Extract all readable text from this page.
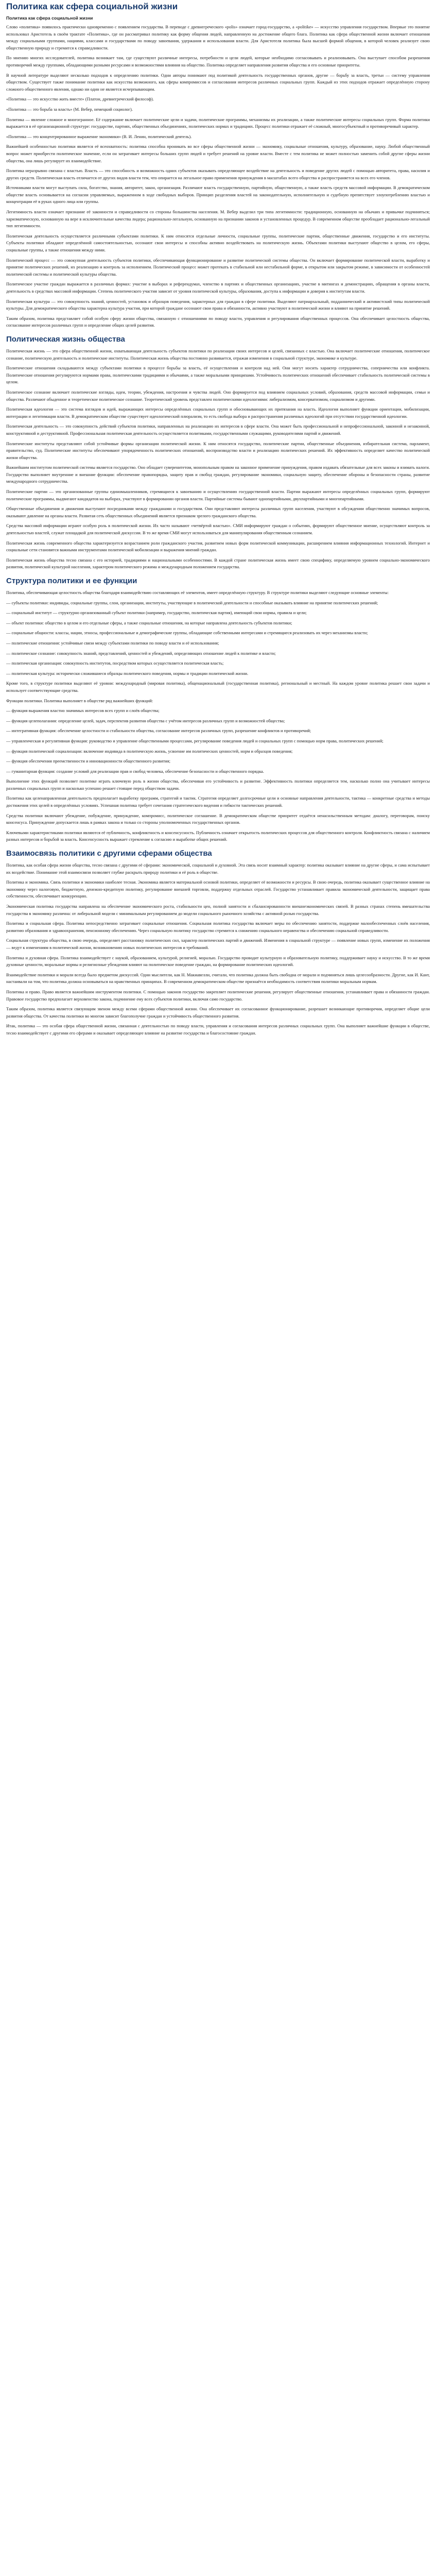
Политика как сфера социальной жизни
Политика как сфера социальной жизни

Слово «политика» появилось практически одновременно с появлением государства. В переводе с древнегреческого «polis» означает город-государство, а «politike» — искусство управления государством. Впервые это понятие использовал Аристотель в своём трактате «Политика», где он рассматривал политику как форму общения людей, направленную на достижение общего блага. Политика как сфера общественной жизни включает отношения между социальными группами, нациями, классами и государствами по поводу завоевания, удержания и использования власти. Для Аристотеля политика была высшей формой общения, в которой человек реализует свою общественную природу и стремится к справедливости.

По мнению многих исследователей, политика возникает там, где существуют различные интересы, потребности и цели людей, которые необходимо согласовывать и реализовывать. Она выступает способом разрешения противоречий между группами, обладающими разными ресурсами и возможностями влияния на общество. Политика определяет направления развития общества и его основные приоритеты.

В научной литературе выделяют несколько подходов к определению политики. Одни авторы понимают под политикой деятельность государственных органов, другие — борьбу за власть, третьи — систему управления обществом. Существует также понимание политики как искусства возможного, как сферы компромиссов и согласования интересов различных социальных групп. Каждый из этих подходов отражает определённую сторону сложного общественного явления, однако ни один не является исчерпывающим.

«Политика — это искусство жить вместе» (Платон, древнегреческий философ).

«Политика — это борьба за власть» (М. Вебер, немецкий социолог).

Политика — явление сложное и многогранное. Её содержание включает политические цели и задачи, политические программы, механизмы их реализации, а также политические интересы социальных групп. Форма политики выражается в её организационной структуре: государстве, партиях, общественных объединениях, политических нормах и традициях. Процесс политики отражает её сложный, многосубъектный и противоречивый характер.

«Политика — это концентрированное выражение экономики» (В. И. Ленин, политический деятель).

Важнейшей особенностью политики является её всеохватность: политика способна проникать во все сферы общественной жизни — экономику, социальные отношения, культуру, образование, науку. Любой общественный вопрос может приобрести политическое значение, если он затрагивает интересы больших групп людей и требует решений на уровне власти. Вместе с тем политика не может полностью заменить собой другие сферы жизни общества, она лишь регулирует их взаимодействие.

Политика неразрывно связана с властью. Власть — это способность и возможность одних субъектов оказывать определяющее воздействие на деятельность и поведение других людей с помощью авторитета, права, насилия и других средств. Политическая власть отличается от других видов власти тем, что опирается на легальное право применения принуждения в масштабах всего общества и распространяется на всех его членов.

Источниками власти могут выступать сила, богатство, знания, авторитет, закон, организация. Различают власть государственную, партийную, общественную, а также власть средств массовой информации. В демократическом обществе власть основывается на согласии управляемых, выраженном в ходе свободных выборов. Принцип разделения властей на законодательную, исполнительную и судебную препятствует злоупотреблению властью и концентрации её в руках одного лица или группы.

Легитимность власти означает признание её законности и справедливости со стороны большинства населения. М. Вебер выделил три типа легитимности: традиционную, основанную на обычаях и привычке подчиняться; харизматическую, основанную на вере в исключительные качества лидера; рационально-легальную, основанную на признании законов и установленных процедур. В современном обществе преобладает рационально-легальный тип легитимности.

Политическая деятельность осуществляется различными субъектами политики. К ним относятся отдельные личности, социальные группы, политические партии, общественные движения, государство и его институты. Субъекты политики обладают определённой самостоятельностью, осознают свои интересы и способны активно воздействовать на политическую жизнь. Объектами политики выступают общество в целом, его сферы, социальные группы, а также отношения между ними.

Политический процесс — это совокупная деятельность субъектов политики, обеспечивающая функционирование и развитие политической системы общества. Он включает формирование политической власти, выработку и принятие политических решений, их реализацию и контроль за исполнением. Политический процесс может протекать в стабильной или нестабильной форме, в открытом или закрытом режиме, в зависимости от особенностей политической системы и политической культуры общества.

Политическое участие граждан выражается в различных формах: участие в выборах и референдумах, членство в партиях и общественных организациях, участие в митингах и демонстрациях, обращения в органы власти, деятельность в средствах массовой информации. Степень политического участия зависит от уровня политической культуры, образования, доступа к информации и доверия к институтам власти.

Политическая культура — это совокупность знаний, ценностей, установок и образцов поведения, характерных для граждан в сфере политики. Выделяют патриархальный, подданнический и активистский типы политической культуры. Для демократического общества характерна культура участия, при которой граждане осознают свои права и обязанности, активно участвуют в политической жизни и влияют на принятие решений.

Таким образом, политика представляет собой особую сферу жизни общества, связанную с отношениями по поводу власти, управления и регулирования общественных процессов. Она обеспечивает целостность общества, согласование интересов различных групп и определение общих целей развития.

Политическая жизнь общества

Политическая жизнь — это сфера общественной жизни, охватывающая деятельность субъектов политики по реализации своих интересов и целей, связанных с властью. Она включает политические отношения, политическое сознание, политическую деятельность и политические институты. Политическая жизнь общества постоянно развивается, отражая изменения в социальной структуре, экономике и культуре.

Политические отношения складываются между субъектами политики в процессе борьбы за власть, её осуществления и контроля над ней. Они могут носить характер сотрудничества, соперничества или конфликта. Политические отношения регулируются нормами права, политическими традициями и обычаями, а также моральными принципами. Устойчивость политических отношений обеспечивает стабильность политической системы в целом.

Политическое сознание включает политические взгляды, идеи, теории, убеждения, настроения и чувства людей. Оно формируется под влиянием социальных условий, образования, средств массовой информации, семьи и общества. Различают обыденное и теоретическое политическое сознание. Теоретический уровень представлен политическими идеологиями: либерализмом, консерватизмом, социализмом и другими.

Политическая идеология — это система взглядов и идей, выражающих интересы определённых социальных групп и обосновывающих их притязания на власть. Идеология выполняет функции ориентации, мобилизации, интеграции и легитимации власти. В демократическом обществе существует идеологический плюрализм, то есть свобода выбора и распространения различных идеологий при отсутствии государственной идеологии.

Политическая деятельность — это совокупность действий субъектов политики, направленных на реализацию их интересов в сфере власти. Она может быть профессиональной и непрофессиональной, законной и незаконной, конструктивной и деструктивной. Профессиональная политическая деятельность осуществляется политиками, государственными служащими, руководителями партий и движений.

Политические институты представляют собой устойчивые формы организации политической жизни. К ним относятся государство, политические партии, общественные объединения, избирательная система, парламент, правительство, суд. Политические институты обеспечивают упорядоченность политических отношений, воспроизводство власти и реализацию политических решений. Их эффективность определяет качество политической жизни общества.

Важнейшим институтом политической системы является государство. Оно обладает суверенитетом, монопольным правом на законное применение принуждения, правом издавать обязательные для всех законы и взимать налоги. Государство выполняет внутренние и внешние функции: обеспечение правопорядка, защиту прав и свобод граждан, регулирование экономики, социальную защиту, обеспечение обороны и безопасности страны, развитие международного сотрудничества.

Политические партии — это организованные группы единомышленников, стремящиеся к завоеванию и осуществлению государственной власти. Партии выражают интересы определённых социальных групп, формируют политические программы, выдвигают кандидатов на выборах, участвуют в формировании органов власти. Партийные системы бывают однопартийными, двухпартийными и многопартийными.

Общественные объединения и движения выступают посредниками между гражданами и государством. Они представляют интересы различных групп населения, участвуют в обсуждении общественно значимых вопросов, оказывают давление на органы власти. Развитая сеть общественных объединений является признаком зрелого гражданского общества.

Средства массовой информации играют особую роль в политической жизни. Их часто называют «четвёртой властью». СМИ информируют граждан о событиях, формируют общественное мнение, осуществляют контроль за деятельностью властей, служат площадкой для политической дискуссии. В то же время СМИ могут использоваться для манипулирования общественным сознанием.

Политическая жизнь современного общества характеризуется возрастанием роли гражданского участия, развитием новых форм политической коммуникации, расширением влияния информационных технологий. Интернет и социальные сети становятся важными инструментами политической мобилизации и выражения мнений граждан.

Политическая жизнь общества тесно связана с его историей, традициями и национальными особенностями. В каждой стране политическая жизнь имеет свою специфику, определяемую уровнем социально-экономического развития, политической культурой населения, характером политического режима и международным положением государства.

Структура политики и ее функции

Политика, обеспечивающая целостность общества благодаря взаимодействию составляющих её элементов, имеет определённую структуру. В структуре политики выделяют следующие основные элементы:

— субъекты политики: индивиды, социальные группы, слои, организации, институты, участвующие в политической деятельности и способные оказывать влияние на принятие политических решений;

— социальный институт — структурно организованный субъект политики (например, государство, политическая партия), имеющий свои нормы, правила и цели;

— объект политики: общество в целом и его отдельные сферы, а также социальные отношения, на которые направлена деятельность субъектов политики;

— социальные общности: классы, нации, этносы, профессиональные и демографические группы, обладающие собственными интересами и стремящиеся реализовать их через механизмы власти;

— политические отношения: устойчивые связи между субъектами политики по поводу власти и её использования;

— политическое сознание: совокупность знаний, представлений, ценностей и убеждений, определяющих отношение людей к политике и власти;

— политическая организация: совокупность институтов, посредством которых осуществляется политическая власть;

— политическая культура: исторически сложившиеся образцы политического поведения, нормы и традиции политической жизни.

Кроме того, в структуре политики выделяют её уровни: международный (мировая политика), общенациональный (государственная политика), региональный и местный. На каждом уровне политика решает свои задачи и использует соответствующие средства.

Функции политики. Политика выполняет в обществе ряд важнейших функций:

— функция выражения властно значимых интересов всех групп и слоёв общества;

— функция целеполагания: определение целей, задач, перспектив развития общества с учётом интересов различных групп и возможностей общества;

— интегративная функция: обеспечение целостности и стабильности общества, согласование интересов различных групп, разрешение конфликтов и противоречий;

— управленческая и регулятивная функция: руководство и управление общественными процессами, регулирование поведения людей и социальных групп с помощью норм права, политических решений;

— функция политической социализации: включение индивида в политическую жизнь, усвоение им политических ценностей, норм и образцов поведения;

— функция обеспечения преемственности и инновационности общественного развития;

— гуманитарная функция: создание условий для реализации прав и свобод человека, обеспечение безопасности и общественного порядка.

Выполнение этих функций позволяет политике играть ключевую роль в жизни общества, обеспечивая его устойчивость и развитие. Эффективность политики определяется тем, насколько полно она учитывает интересы различных социальных групп и насколько успешно решает стоящие перед обществом задачи.

Политика как целенаправленная деятельность предполагает выработку программ, стратегий и тактик. Стратегия определяет долгосрочные цели и основные направления деятельности, тактика — конкретные средства и методы достижения этих целей в определённых условиях. Успешная политика требует сочетания стратегического видения и гибкости тактических решений.

Средства политики включают убеждение, побуждение, принуждение, компромисс, политическое соглашение. В демократическом обществе приоритет отдаётся ненасильственным методам: диалогу, переговорам, поиску консенсуса. Принуждение допускается лишь в рамках закона и только со стороны уполномоченных государственных органов.

Ключевыми характеристиками политики являются её публичность, конфликтность и консенсусность. Публичность означает открытость политических процессов для общественного контроля. Конфликтность связана с наличием разных интересов и борьбой за власть. Консенсусность выражает стремление к согласию и выработке общих решений.

Взаимосвязь политики с другими сферами общества

Политика, как особая сфера жизни общества, тесно связана с другими её сферами: экономической, социальной и духовной. Эта связь носит взаимный характер: политика оказывает влияние на другие сферы, и сама испытывает их воздействие. Понимание этой взаимосвязи позволяет глубже раскрыть природу политики и её роль в обществе.

Политика и экономика. Связь политики и экономики наиболее тесная. Экономика является материальной основой политики, определяет её возможности и ресурсы. В свою очередь, политика оказывает существенное влияние на экономику через налоговую, бюджетную, денежно-кредитную политику, регулирование внешней торговли, поддержку отдельных отраслей. Государство устанавливает правила экономической деятельности, защищает права собственности, обеспечивает конкуренцию.

Экономическая политика государства направлена на обеспечение экономического роста, стабильности цен, полной занятости и сбалансированности внешнеэкономических связей. В разных странах степень вмешательства государства в экономику различна: от либеральной модели с минимальным регулированием до модели социального рыночного хозяйства с активной ролью государства.

Политика и социальная сфера. Политика непосредственно затрагивает социальные отношения. Социальная политика государства включает меры по обеспечению занятости, поддержке малообеспеченных слоёв населения, развитию образования и здравоохранения, пенсионному обеспечению. Через социальную политику государство стремится к снижению социального неравенства и обеспечению социальной справедливости.

Социальная структура общества, в свою очередь, определяет расстановку политических сил, характер политических партий и движений. Изменения в социальной структуре — появление новых групп, изменение их положения — ведут к изменениям в политической жизни, возникновению новых политических интересов и требований.

Политика и духовная сфера. Политика взаимодействует с наукой, образованием, культурой, религией, моралью. Государство проводит культурную и образовательную политику, поддерживает науку и искусство. В то же время духовные ценности, моральные нормы и религиозные убеждения влияют на политическое поведение граждан, на формирование политических идеологий.

Взаимодействие политики и морали всегда было предметом дискуссий. Одни мыслители, как Н. Макиавелли, считали, что политика должна быть свободна от морали и подчиняться лишь целесообразности. Другие, как И. Кант, настаивали на том, что политика должна основываться на нравственных принципах. В современном демократическом обществе признаётся необходимость соответствия политики моральным нормам.

Политика и право. Право является важнейшим инструментом политики. С помощью законов государство закрепляет политические решения, регулирует общественные отношения, устанавливает права и обязанности граждан. Правовое государство предполагает верховенство закона, подчинение ему всех субъектов политики, включая само государство.

Таким образом, политика является связующим звеном между всеми сферами общественной жизни. Она обеспечивает их согласованное функционирование, разрешает возникающие противоречия, определяет общие цели развития общества. От качества политики во многом зависит благополучие граждан и устойчивость общественного развития.

Итак, политика — это особая сфера общественной жизни, связанная с деятельностью по поводу власти, управления и согласования интересов различных социальных групп. Она выполняет важнейшие функции в обществе, тесно взаимодействует с другими его сферами и оказывает определяющее влияние на развитие государства и благосостояние граждан.
